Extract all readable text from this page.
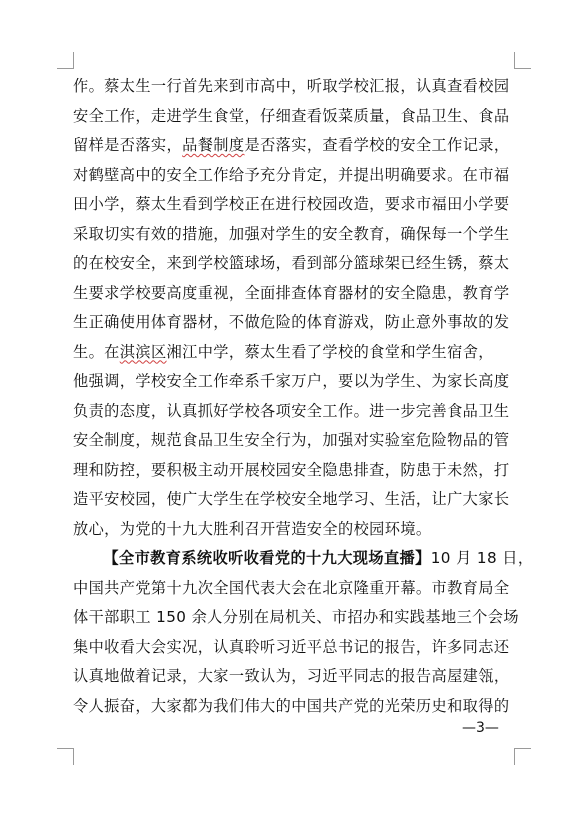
作。蔡太生一行首先来到市高中，听取学校汇报，认真查看校园
安全工作，走进学生食堂，仔细查看饭菜质量，食品卫生、食品
留样是否落实，品餐制度是否落实，查看学校的安全工作记录，
对鹤壁高中的安全工作给予充分肯定，并提出明确要求。在市福
田小学，蔡太生看到学校正在进行校园改造，要求市福田小学要
采取切实有效的措施，加强对学生的安全教育，确保每一个学生
的在校安全，来到学校篮球场，看到部分篮球架已经生锈，蔡太
生要求学校要高度重视，全面排查体育器材的安全隐患，教育学
生正确使用体育器材，不做危险的体育游戏，防止意外事故的发
生。在淇滨区湘江中学，蔡太生看了学校的食堂和学生宿舍，
他强调，学校安全工作牵系千家万户，要以为学生、为家长高度
负责的态度，认真抓好学校各项安全工作。进一步完善食品卫生
安全制度，规范食品卫生安全行为，加强对实验室危险物品的管
理和防控，要积极主动开展校园安全隐患排查，防患于未然，打
造平安校园，使广大学生在学校安全地学习、生活，让广大家长
放心，为党的十九大胜利召开营造安全的校园环境。
【全市教育系统收听收看党的十九大现场直播】10 月 18 日，
中国共产党第十九次全国代表大会在北京隆重开幕。市教育局全
体干部职工 150 余人分别在局机关、市招办和实践基地三个会场
集中收看大会实况，认真聆听习近平总书记的报告，许多同志还
认真地做着记录，大家一致认为，习近平同志的报告高屋建瓴，
令人振奋，大家都为我们伟大的中国共产党的光荣历史和取得的
—3—
